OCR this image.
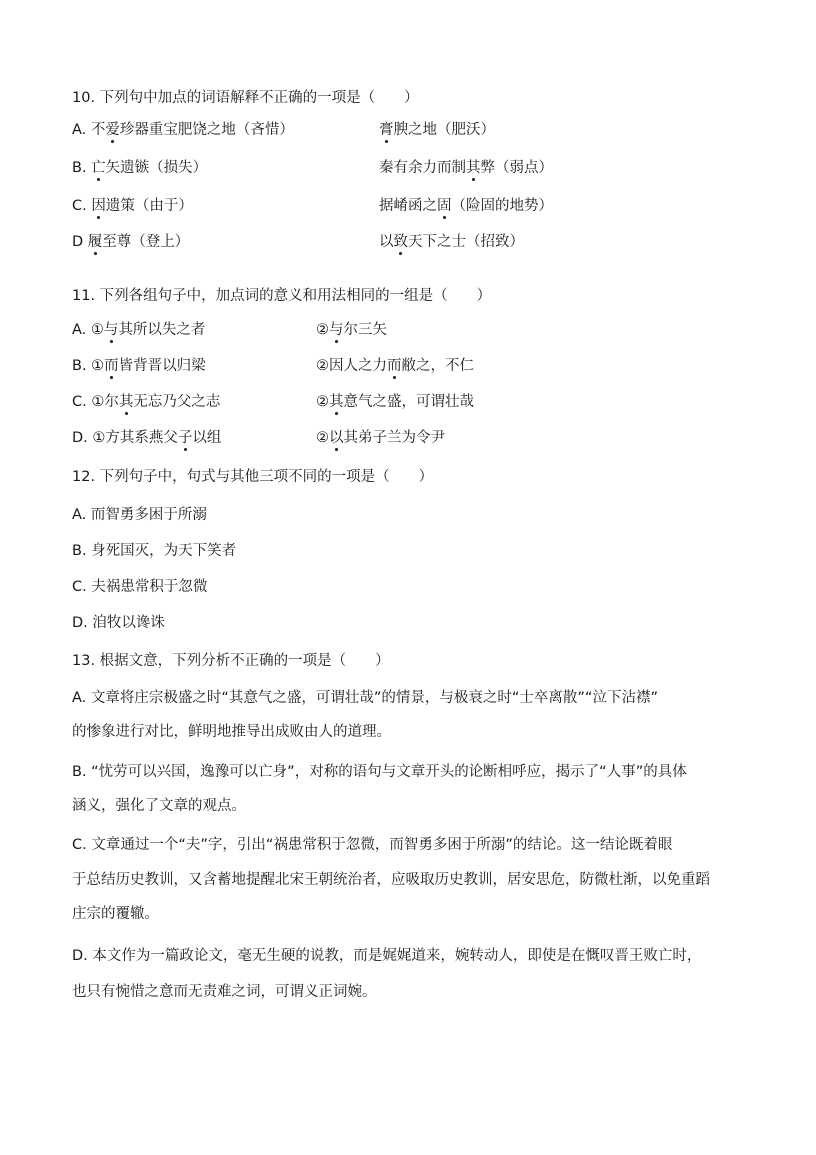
10. 下列句中加点的词语解释不正确的一项是（　　）
A. 不爱珍器重宝肥饶之地（吝惜）	膏腴之地（肥沃）
B. 亡矢遗镞（损失）	秦有余力而制其弊（弱点）
C. 因遗策（由于）	据崤函之固（险固的地势）
D 履至尊（登上）	以致天下之士（招致）
11. 下列各组句子中，加点词的意义和用法相同的一组是（　　）
A. ①与其所以失之者	②与尔三矢
B. ①而皆背晋以归梁	②因人之力而敝之，不仁
C. ①尔其无忘乃父之志	②其意气之盛，可谓壮哉
D. ①方其系燕父子以组	②以其弟子兰为令尹
12. 下列句子中，句式与其他三项不同的一项是（　　）
A. 而智勇多困于所溺
B. 身死国灭，为天下笑者
C. 夫祸患常积于忽微
D. 洎牧以谗诛
13. 根据文意，下列分析不正确的一项是（　　）
A. 文章将庄宗极盛之时“其意气之盛，可谓壮哉”的情景，与极衰之时“士卒离散”“泣下沾襟”
的惨象进行对比，鲜明地推导出成败由人的道理。
B. “忧劳可以兴国，逸豫可以亡身”，对称的语句与文章开头的论断相呼应，揭示了“人事”的具体
涵义，强化了文章的观点。
C. 文章通过一个“夫”字，引出“祸患常积于忽微，而智勇多困于所溺”的结论。这一结论既着眼
于总结历史教训，又含蓄地提醒北宋王朝统治者，应吸取历史教训，居安思危，防微杜渐，以免重蹈
庄宗的覆辙。
D. 本文作为一篇政论文，毫无生硬的说教，而是娓娓道来，婉转动人，即使是在慨叹晋王败亡时，
也只有惋惜之意而无责难之词，可谓义正词婉。
